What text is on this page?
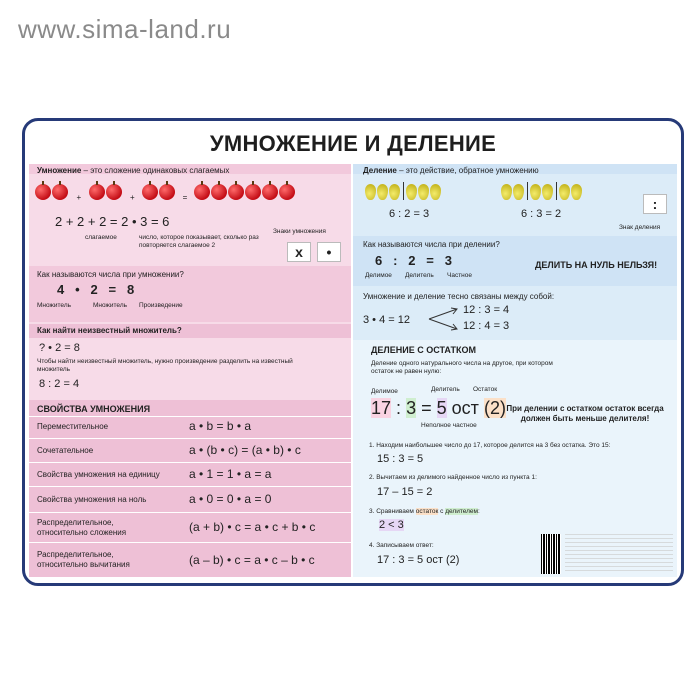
www.sima-land.ru
УМНОЖЕНИЕ И ДЕЛЕНИЕ
Умножение – это сложение одинаковых слагаемых
+	+	=
2 + 2 + 2 = 2 • 3 = 6
слагаемое	число, которое показывает, сколько раз повторяется слагаемое 2
Знаки умножения
x	•
Как называются числа при умножении?
4   •   2   =   8
Множитель	Множитель Произведение
Как найти неизвестный множитель?
? • 2 = 8
Чтобы найти неизвестный множитель, нужно произведение разделить на известный множитель
8 : 2 = 4
СВОЙСТВА УМНОЖЕНИЯ
Переместительное	a • b = b • a
Сочетательное	a • (b • c) = (a • b) • c
Свойства умножения на единицу a • 1 = 1 • a = a
Свойства умножения на ноль	a • 0 = 0 • a = 0
Распределительное, относительно сложения	(a + b) • c = a • c + b • c
Распределительное, относительно вычитания	(a – b) • c = a • c – b • c
Деление – это действие, обратное умножению
6 : 2 = 3	6 : 3 = 2
:
Знак деления
Как называются числа при делении?
6   :   2   =   3
Делимое Делитель Частное
ДЕЛИТЬ НА НУЛЬ НЕЛЬЗЯ!
Умножение и деление тесно связаны между собой:
3 • 4 = 12
12 : 3 = 4
12 : 4 = 3
ДЕЛЕНИЕ С ОСТАТКОМ
Деление одного натурального числа на другое, при котором остаток не равен нулю:
Делимое	Делитель Остаток
17 : 3 = 5 ост (2)
Неполное частное
При делении с остатком остаток всегда должен быть меньше делителя!
1. Находим наибольшее число до 17, которое делится на 3 без остатка. Это 15:
15 : 3 = 5
2. Вычитаем из делимого найденное число из пункта 1:
17 – 15 = 2
3. Сравниваем остаток с делителем:
2 < 3
4. Записываем ответ:
17 : 3 = 5 ост (2)
